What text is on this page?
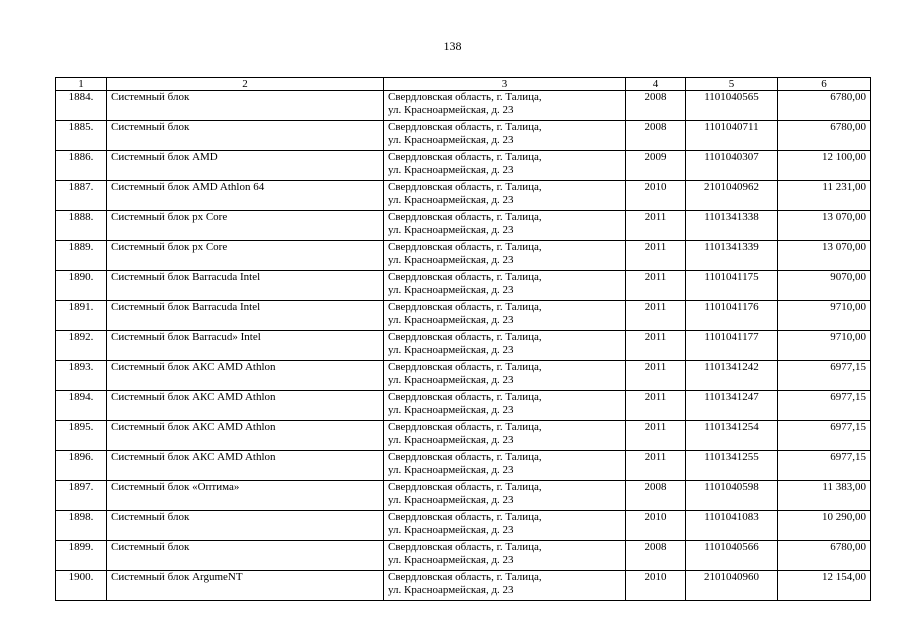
138
1	2	3	4	5	6
1884.	Системный блок	Свердловская область, г. Талица,
ул. Красноармейская, д. 23	2008	1101040565	6780,00
1885.	Системный блок	Свердловская область, г. Талица,
ул. Красноармейская, д. 23	2008	1101040711	6780,00
1886.	Системный блок AMD	Свердловская область, г. Талица,
ул. Красноармейская, д. 23	2009	1101040307	12 100,00
1887.	Системный блок AMD Athlon 64	Свердловская область, г. Талица,
ул. Красноармейская, д. 23	2010	2101040962	11 231,00
1888.	Системный блок px Core	Свердловская область, г. Талица,
ул. Красноармейская, д. 23	2011	1101341338	13 070,00
1889.	Системный блок px Core	Свердловская область, г. Талица,
ул. Красноармейская, д. 23	2011	1101341339	13 070,00
1890.	Системный блок Barracuda Intel	Свердловская область, г. Талица,
ул. Красноармейская, д. 23	2011	1101041175	9070,00
1891.	Системный блок Barracuda Intel	Свердловская область, г. Талица,
ул. Красноармейская, д. 23	2011	1101041176	9710,00
1892.	Системный блок Barracud» Intel	Свердловская область, г. Талица,
ул. Красноармейская, д. 23	2011	1101041177	9710,00
1893.	Системный блок АКС AMD Athlon	Свердловская область, г. Талица,
ул. Красноармейская, д. 23	2011	1101341242	6977,15
1894.	Системный блок АКС AMD Athlon	Свердловская область, г. Талица,
ул. Красноармейская, д. 23	2011	1101341247	6977,15
1895.	Системный блок АКС AMD Athlon	Свердловская область, г. Талица,
ул. Красноармейская, д. 23	2011	1101341254	6977,15
1896.	Системный блок АКС AMD Athlon	Свердловская область, г. Талица,
ул. Красноармейская, д. 23	2011	1101341255	6977,15
1897.	Системный блок «Оптима»	Свердловская область, г. Талица,
ул. Красноармейская, д. 23	2008	1101040598	11 383,00
1898.	Системный блок	Свердловская область, г. Талица,
ул. Красноармейская, д. 23	2010	1101041083	10 290,00
1899.	Системный блок	Свердловская область, г. Талица,
ул. Красноармейская, д. 23	2008	1101040566	6780,00
1900.	Системный блок ArgumeNT	Свердловская область, г. Талица,
ул. Красноармейская, д. 23	2010	2101040960	12 154,00
